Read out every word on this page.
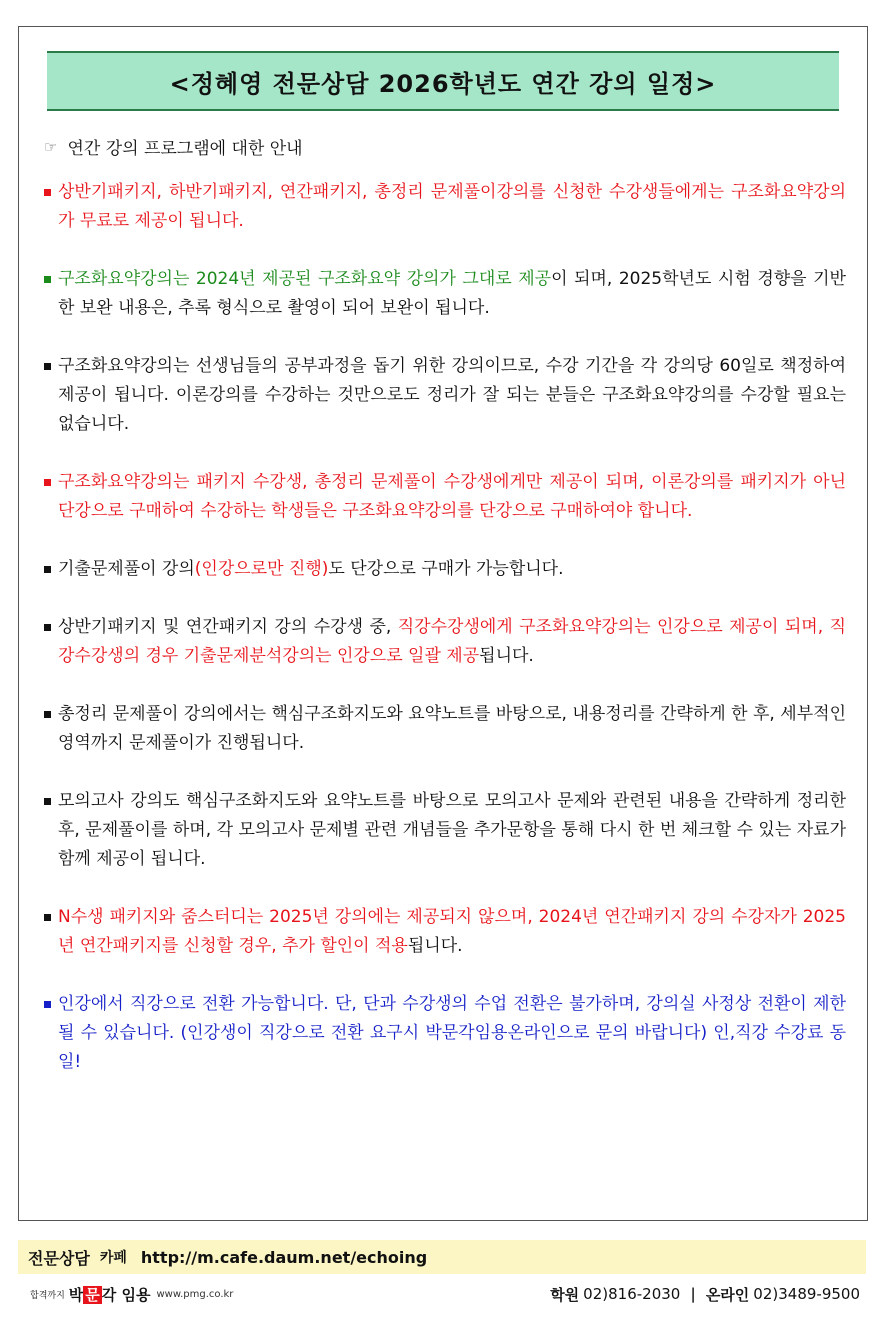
<정혜영 전문상담 2026학년도 연간 강의 일정>
☞ 연간 강의 프로그램에 대한 안내
상반기패키지, 하반기패키지, 연간패키지, 총정리 문제풀이강의를 신청한 수강생들에게는 구조화요약강의가 무료로 제공이 됩니다.
구조화요약강의는 2024년 제공된 구조화요약 강의가 그대로 제공이 되며, 2025학년도 시험 경향을 기반한 보완 내용은, 추록 형식으로 촬영이 되어 보완이 됩니다.
구조화요약강의는 선생님들의 공부과정을 돕기 위한 강의이므로, 수강 기간을 각 강의당 60일로 책정하여 제공이 됩니다. 이론강의를 수강하는 것만으로도 정리가 잘 되는 분들은 구조화요약강의를 수강할 필요는 없습니다.
구조화요약강의는 패키지 수강생, 총정리 문제풀이 수강생에게만 제공이 되며, 이론강의를 패키지가 아닌 단강으로 구매하여 수강하는 학생들은 구조화요약강의를 단강으로 구매하여야 합니다.
기출문제풀이 강의(인강으로만 진행)도 단강으로 구매가 가능합니다.
상반기패키지 및 연간패키지 강의 수강생 중, 직강수강생에게 구조화요약강의는 인강으로 제공이 되며, 직강수강생의 경우 기출문제분석강의는 인강으로 일괄 제공됩니다.
총정리 문제풀이 강의에서는 핵심구조화지도와 요약노트를 바탕으로, 내용정리를 간략하게 한 후, 세부적인 영역까지 문제풀이가 진행됩니다.
모의고사 강의도 핵심구조화지도와 요약노트를 바탕으로 모의고사 문제와 관련된 내용을 간략하게 정리한 후, 문제풀이를 하며, 각 모의고사 문제별 관련 개념들을 추가문항을 통해 다시 한 번 체크할 수 있는 자료가 함께 제공이 됩니다.
N수생 패키지와 줌스터디는 2025년 강의에는 제공되지 않으며, 2024년 연간패키지 강의 수강자가 2025년 연간패키지를 신청할 경우, 추가 할인이 적용됩니다.
인강에서 직강으로 전환 가능합니다. 단, 단과 수강생의 수업 전환은 불가하며, 강의실 사정상 전환이 제한될 수 있습니다. (인강생이 직강으로 전환 요구시 박문각임용온라인으로 문의 바랍니다) 인,직강 수강료 동일!
전문상담 카페 http://m.cafe.daum.net/echoing
합격까지 박 문 각 임용 www.pmg.co.kr	학원 02)816-2030 | 온라인 02)3489-9500
